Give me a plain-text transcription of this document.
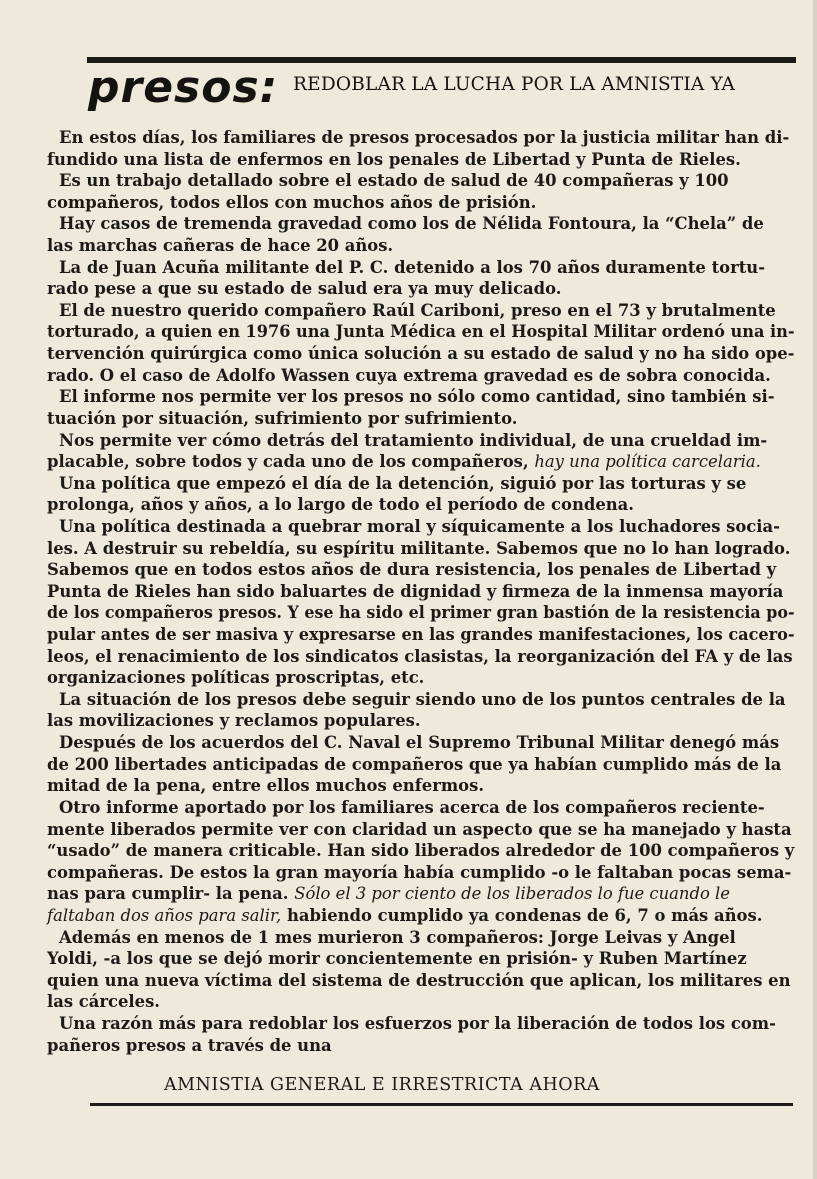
presos: REDOBLAR LA LUCHA POR LA AMNISTIA YA
En estos días, los familiares de presos procesados por la justicia militar han di-
fundido una lista de enfermos en los penales de Libertad y Punta de Rieles.
Es un trabajo detallado sobre el estado de salud de 40 compañeras y 100
compañeros, todos ellos con muchos años de prisión.
Hay casos de tremenda gravedad como los de Nélida Fontoura, la “Chela” de
las marchas cañeras de hace 20 años.
La de Juan Acuña militante del P. C. detenido a los 70 años duramente tortu-
rado pese a que su estado de salud era ya muy delicado.
El de nuestro querido compañero Raúl Cariboni, preso en el 73 y brutalmente
torturado, a quien en 1976 una Junta Médica en el Hospital Militar ordenó una in-
tervención quirúrgica como única solución a su estado de salud y no ha sido ope-
rado. O el caso de Adolfo Wassen cuya extrema gravedad es de sobra conocida.
El informe nos permite ver los presos no sólo como cantidad, sino también si-
tuación por situación, sufrimiento por sufrimiento.
Nos permite ver cómo detrás del tratamiento individual, de una crueldad im-
placable, sobre todos y cada uno de los compañeros, hay una política carcelaria.
Una política que empezó el día de la detención, siguió por las torturas y se
prolonga, años y años, a lo largo de todo el período de condena.
Una política destinada a quebrar moral y síquicamente a los luchadores socia-
les. A destruir su rebeldía, su espíritu militante. Sabemos que no lo han logrado.
Sabemos que en todos estos años de dura resistencia, los penales de Libertad y
Punta de Rieles han sido baluartes de dignidad y firmeza de la inmensa mayoría
de los compañeros presos. Y ese ha sido el primer gran bastión de la resistencia po-
pular antes de ser masiva y expresarse en las grandes manifestaciones, los cacero-
leos, el renacimiento de los sindicatos clasistas, la reorganización del FA y de las
organizaciones políticas proscriptas, etc.
La situación de los presos debe seguir siendo uno de los puntos centrales de la
las movilizaciones y reclamos populares.
Después de los acuerdos del C. Naval el Supremo Tribunal Militar denegó más
de 200 libertades anticipadas de compañeros que ya habían cumplido más de la
mitad de la pena, entre ellos muchos enfermos.
Otro informe aportado por los familiares acerca de los compañeros reciente-
mente liberados permite ver con claridad un aspecto que se ha manejado y hasta
“usado” de manera criticable. Han sido liberados alrededor de 100 compañeros y
compañeras. De estos la gran mayoría había cumplido -o le faltaban pocas sema-
nas para cumplir- la pena. Sólo el 3 por ciento de los liberados lo fue cuando le
faltaban dos años para salir, habiendo cumplido ya condenas de 6, 7 o más años.
Además en menos de 1 mes murieron 3 compañeros: Jorge Leivas y Angel
Yoldi, -a los que se dejó morir concientemente en prisión- y Ruben Martínez
quien una nueva víctima del sistema de destrucción que aplican, los militares en
las cárceles.
Una razón más para redoblar los esfuerzos por la liberación de todos los com-
pañeros presos a través de una
AMNISTIA GENERAL E IRRESTRICTA AHORA
